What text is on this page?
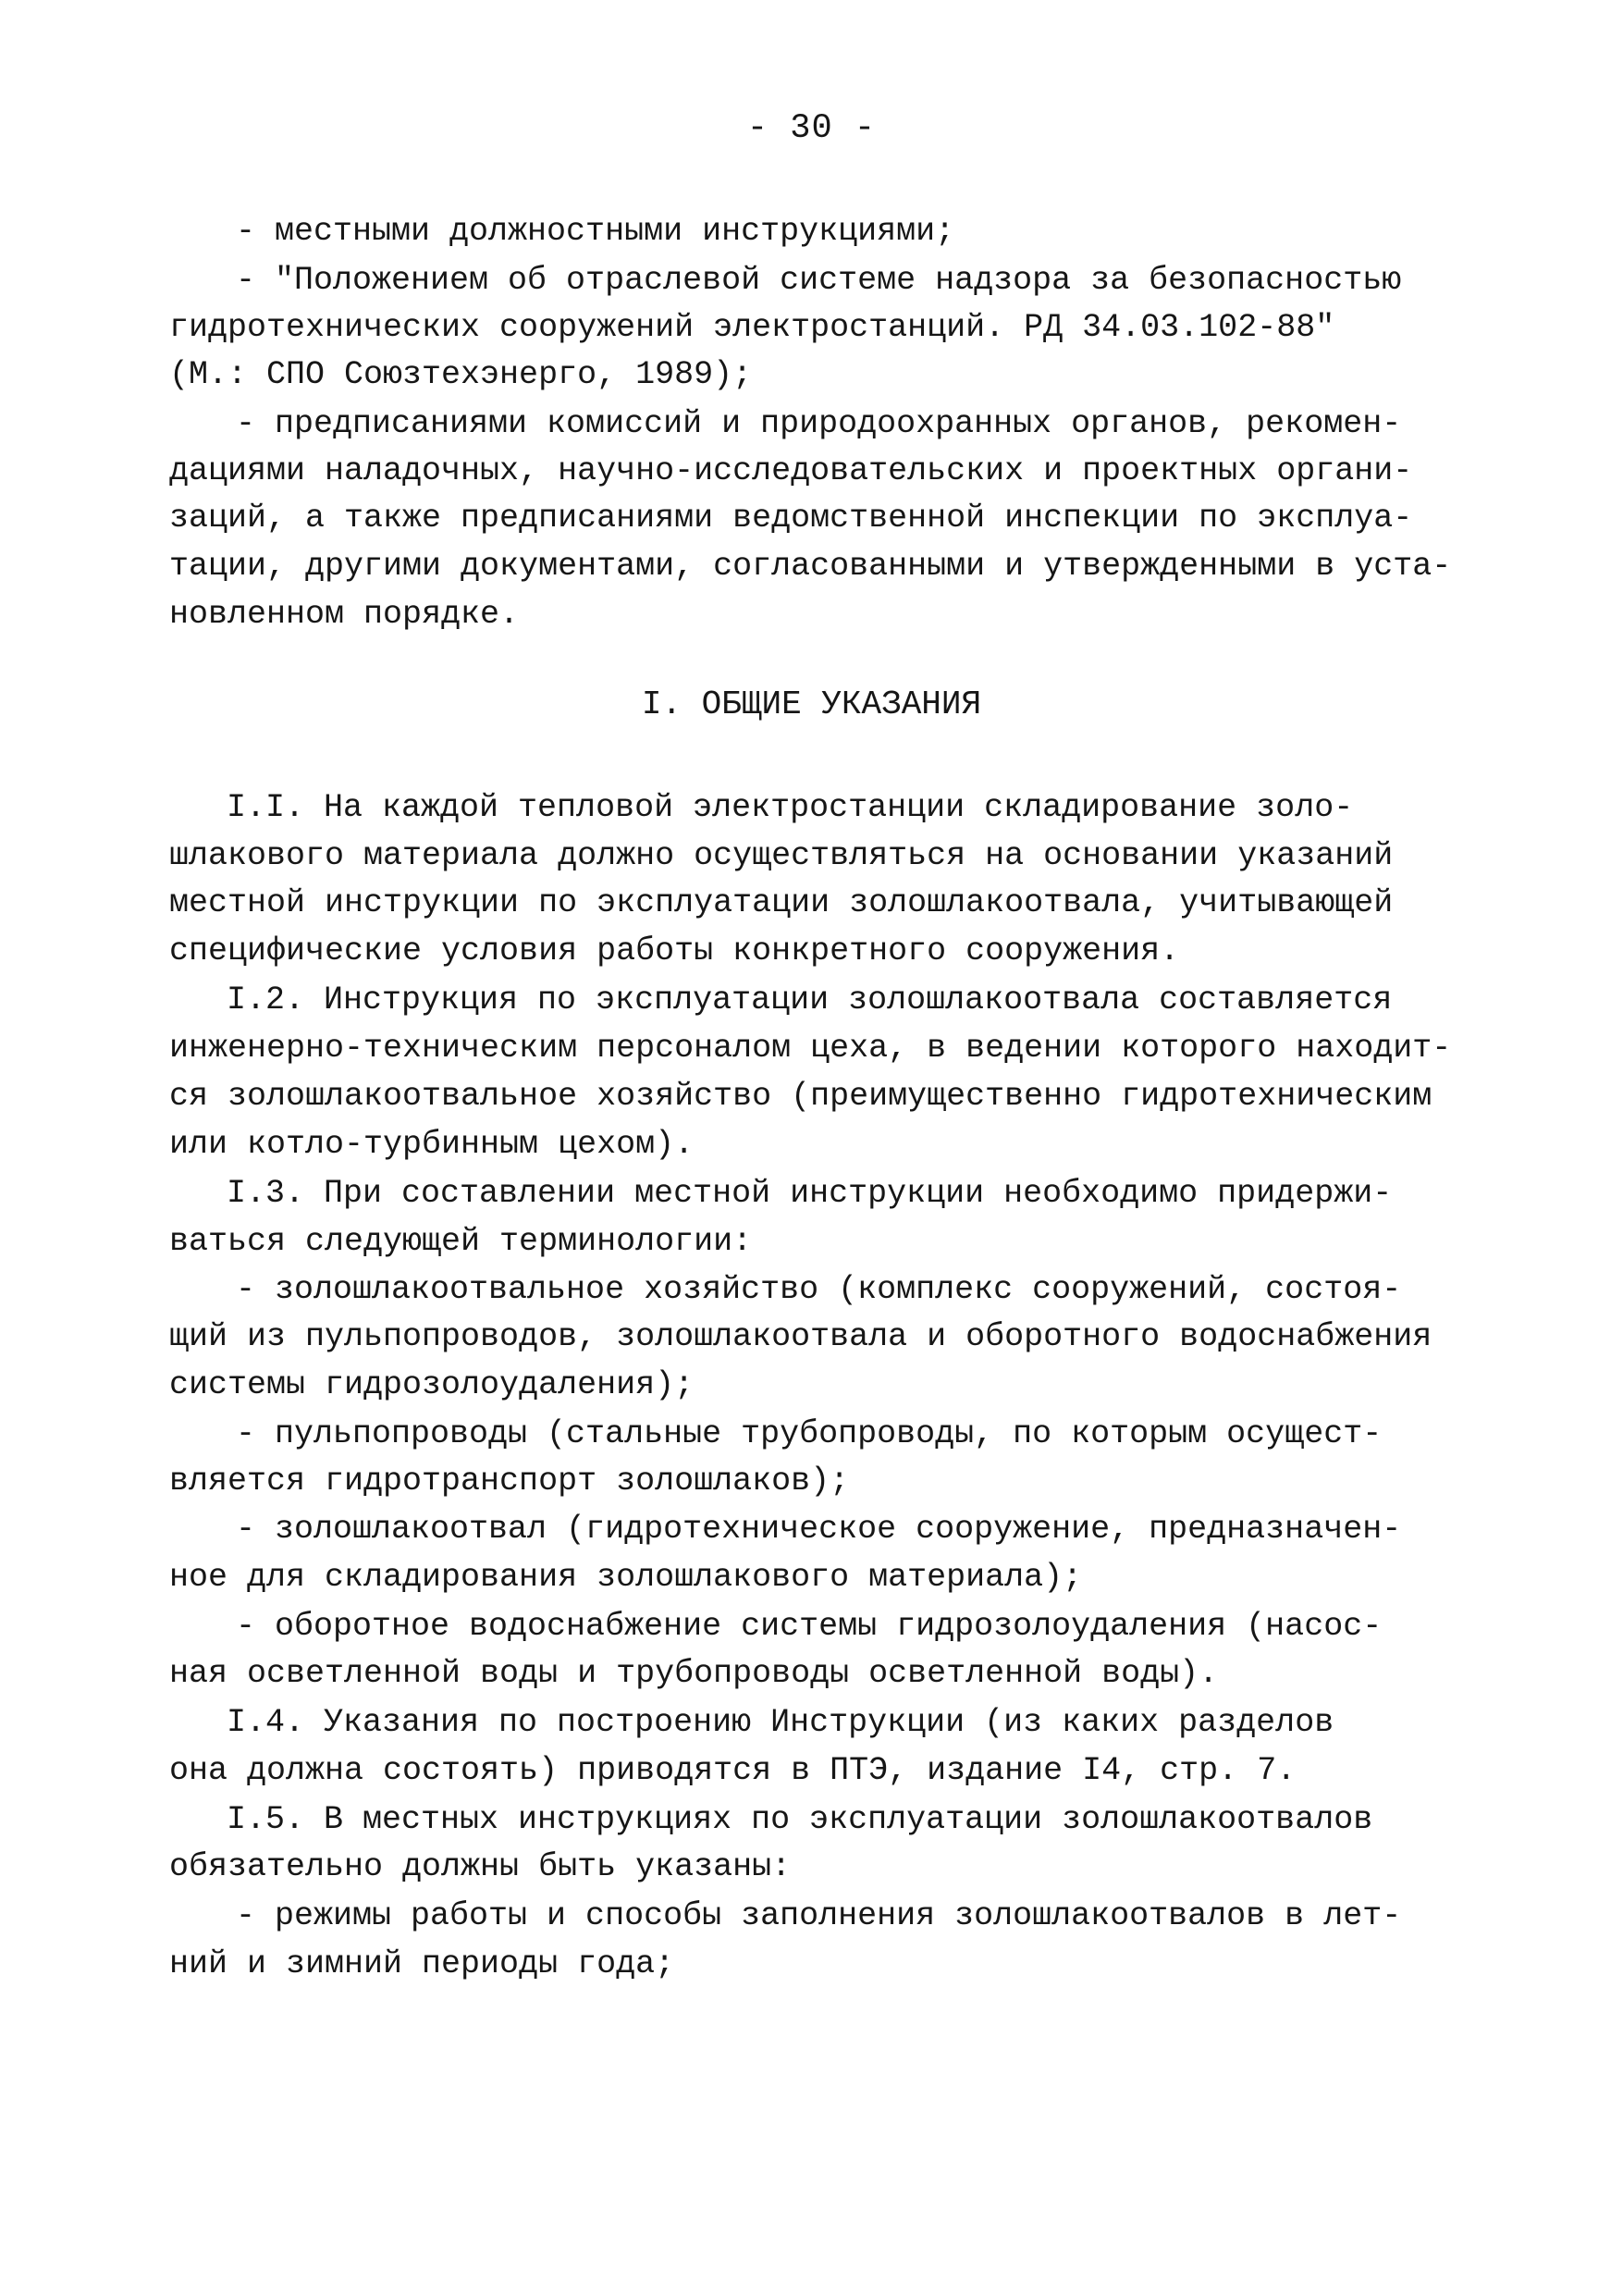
- 30 -
- местными должностными инструкциями;
- "Положением об отраслевой системе надзора за безопасностью
гидротехнических сооружений электростанций. РД 34.03.102-88"
(М.: СПО Союзтехэнерго, 1989);
- предписаниями комиссий и природоохранных органов, рекомен-
дациями наладочных, научно-исследовательских и проектных органи-
заций, а также предписаниями ведомственной инспекции по эксплуа-
тации, другими документами, согласованными и утвержденными в уста-
новленном порядке.
I. ОБЩИЕ УКАЗАНИЯ
I.I. На каждой тепловой электростанции складирование золо-
шлакового материала должно осуществляться на основании указаний
местной инструкции по эксплуатации золошлакоотвала, учитывающей
специфические условия работы конкретного сооружения.
I.2. Инструкция по эксплуатации золошлакоотвала составляется
инженерно-техническим персоналом цеха, в ведении которого находит-
ся золошлакоотвальное хозяйство (преимущественно гидротехническим
или котло-турбинным цехом).
I.3. При составлении местной инструкции необходимо придержи-
ваться следующей терминологии:
- золошлакоотвальное хозяйство (комплекс сооружений, состоя-
щий из пульпопроводов, золошлакоотвала и оборотного водоснабжения
системы гидрозолоудаления);
- пульпопроводы (стальные трубопроводы, по которым осущест-
вляется гидротранспорт золошлаков);
- золошлакоотвал (гидротехническое сооружение, предназначен-
ное для складирования золошлакового материала);
- оборотное водоснабжение системы гидрозолоудаления (насос-
ная осветленной воды и трубопроводы осветленной воды).
I.4. Указания по построению Инструкции (из каких разделов
она должна состоять) приводятся в ПТЭ, издание I4, стр. 7.
I.5. В местных инструкциях по эксплуатации золошлакоотвалов
обязательно должны быть указаны:
- режимы работы и способы заполнения золошлакоотвалов в лет-
ний и зимний периоды года;
